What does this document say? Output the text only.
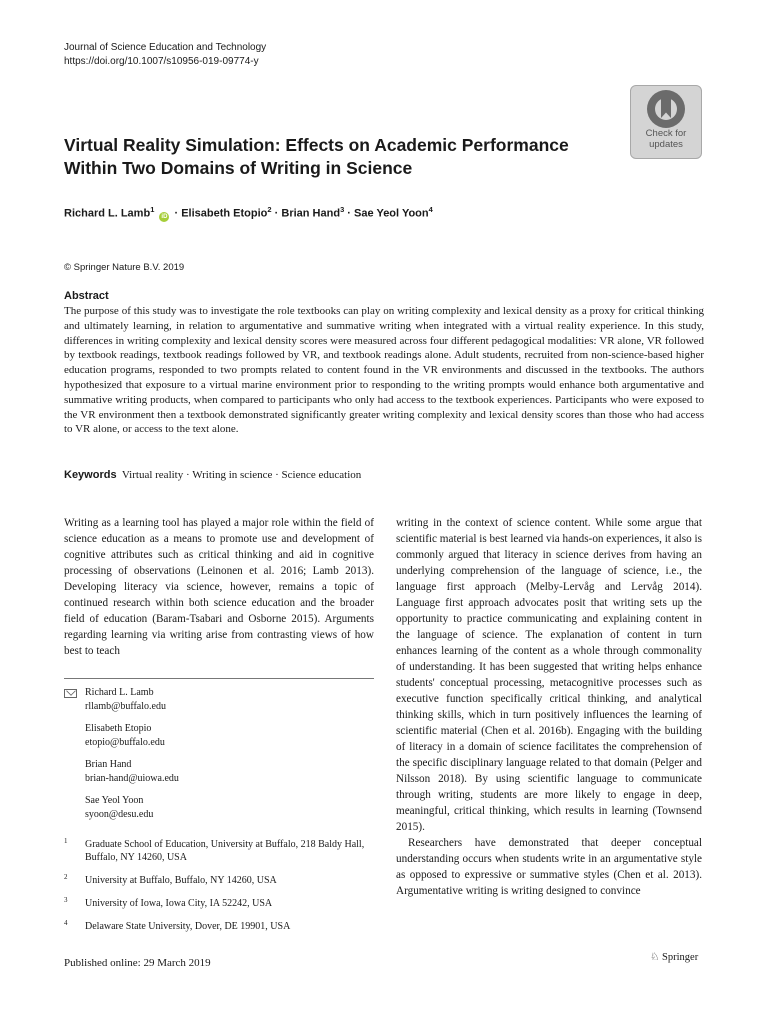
Journal of Science Education and Technology
https://doi.org/10.1007/s10956-019-09774-y
Check for
updates
Virtual Reality Simulation: Effects on Academic Performance
Within Two Domains of Writing in Science
Richard L. Lamb$^1$ iD · Elisabeth Etopio$^2$ · Brian Hand$^3$ · Sae Yeol Yoon$^4$
© Springer Nature B.V. 2019
Abstract
The purpose of this study was to investigate the role textbooks can play on writing complexity and lexical density as a proxy for critical thinking and ultimately learning, in relation to argumentative and summative writing when integrated with a virtual reality experience. In this study, differences in writing complexity and lexical density scores were measured across four different pedagogical modalities: VR alone, VR followed by textbook readings, textbook readings followed by VR, and textbook readings alone. Adult students, recruited from non-science-based higher education programs, responded to two prompts related to content found in the VR environments and discussed in the textbooks. The authors hypothesized that exposure to a virtual marine environment prior to responding to the writing prompts would enhance both argumentative and summative writing products, when compared to participants who only had access to the textbook experiences. Participants who were exposed to the VR environment then a textbook demonstrated significantly greater writing complexity and lexical density scores than those who had access to VR alone, or access to the text alone.
Keywords Virtual reality · Writing in science · Science education
Writing as a learning tool has played a major role within the field of science education as a means to promote use and development of cognitive attributes such as critical thinking and aid in cognitive processing of observations (Leinonen et al. 2016; Lamb 2013). Developing literacy via science, however, remains a topic of continued research within both science education and the broader field of education (Baram-Tsabari and Osborne 2015). Arguments regarding learning via writing arise from contrasting views of how best to teach

writing in the context of science content. While some argue that scientific material is best learned via hands-on experiences, it also is commonly argued that literacy in science derives from having an underlying comprehension of the language of science, i.e., the language first approach (Melby-Lervåg and Lervåg 2014). Language first approach advocates posit that writing sets up the opportunity to practice communicating and explaining content in the language of science. The explanation of content in turn enhances learning of the content as a whole through commonality of understanding. It has been suggested that writing helps enhance students' conceptual processing, metacognitive processes such as executive function specifically critical thinking, and analytical thinking skills, which in turn positively influences the learning of scientific material (Chen et al. 2016b). Engaging with the building of literacy in a domain of science facilitates the comprehension of the specific disciplinary language related to that domain (Pelger and Nilsson 2018). By using scientific language to communicate through writing, students are more likely to engage in deep, meaningful, critical thinking, which results in learning (Townsend 2015).

Researchers have demonstrated that deeper conceptual understanding occurs when students write in an argumentative style as opposed to expressive or summative styles (Chen et al. 2013). Argumentative writing is writing designed to convince

Richard L. Lamb
rllamb@buffalo.edu
Elisabeth Etopio
etopio@buffalo.edu
Brian Hand
brian-hand@uiowa.edu
Sae Yeol Yoon
syoon@desu.edu
1 Graduate School of Education, University at Buffalo, 218 Baldy Hall, Buffalo, NY 14260, USA
2 University at Buffalo, Buffalo, NY 14260, USA
3 University of Iowa, Iowa City, IA 52242, USA
4 Delaware State University, Dover, DE 19901, USA
Published online: 29 March 2019	♘ Springer
